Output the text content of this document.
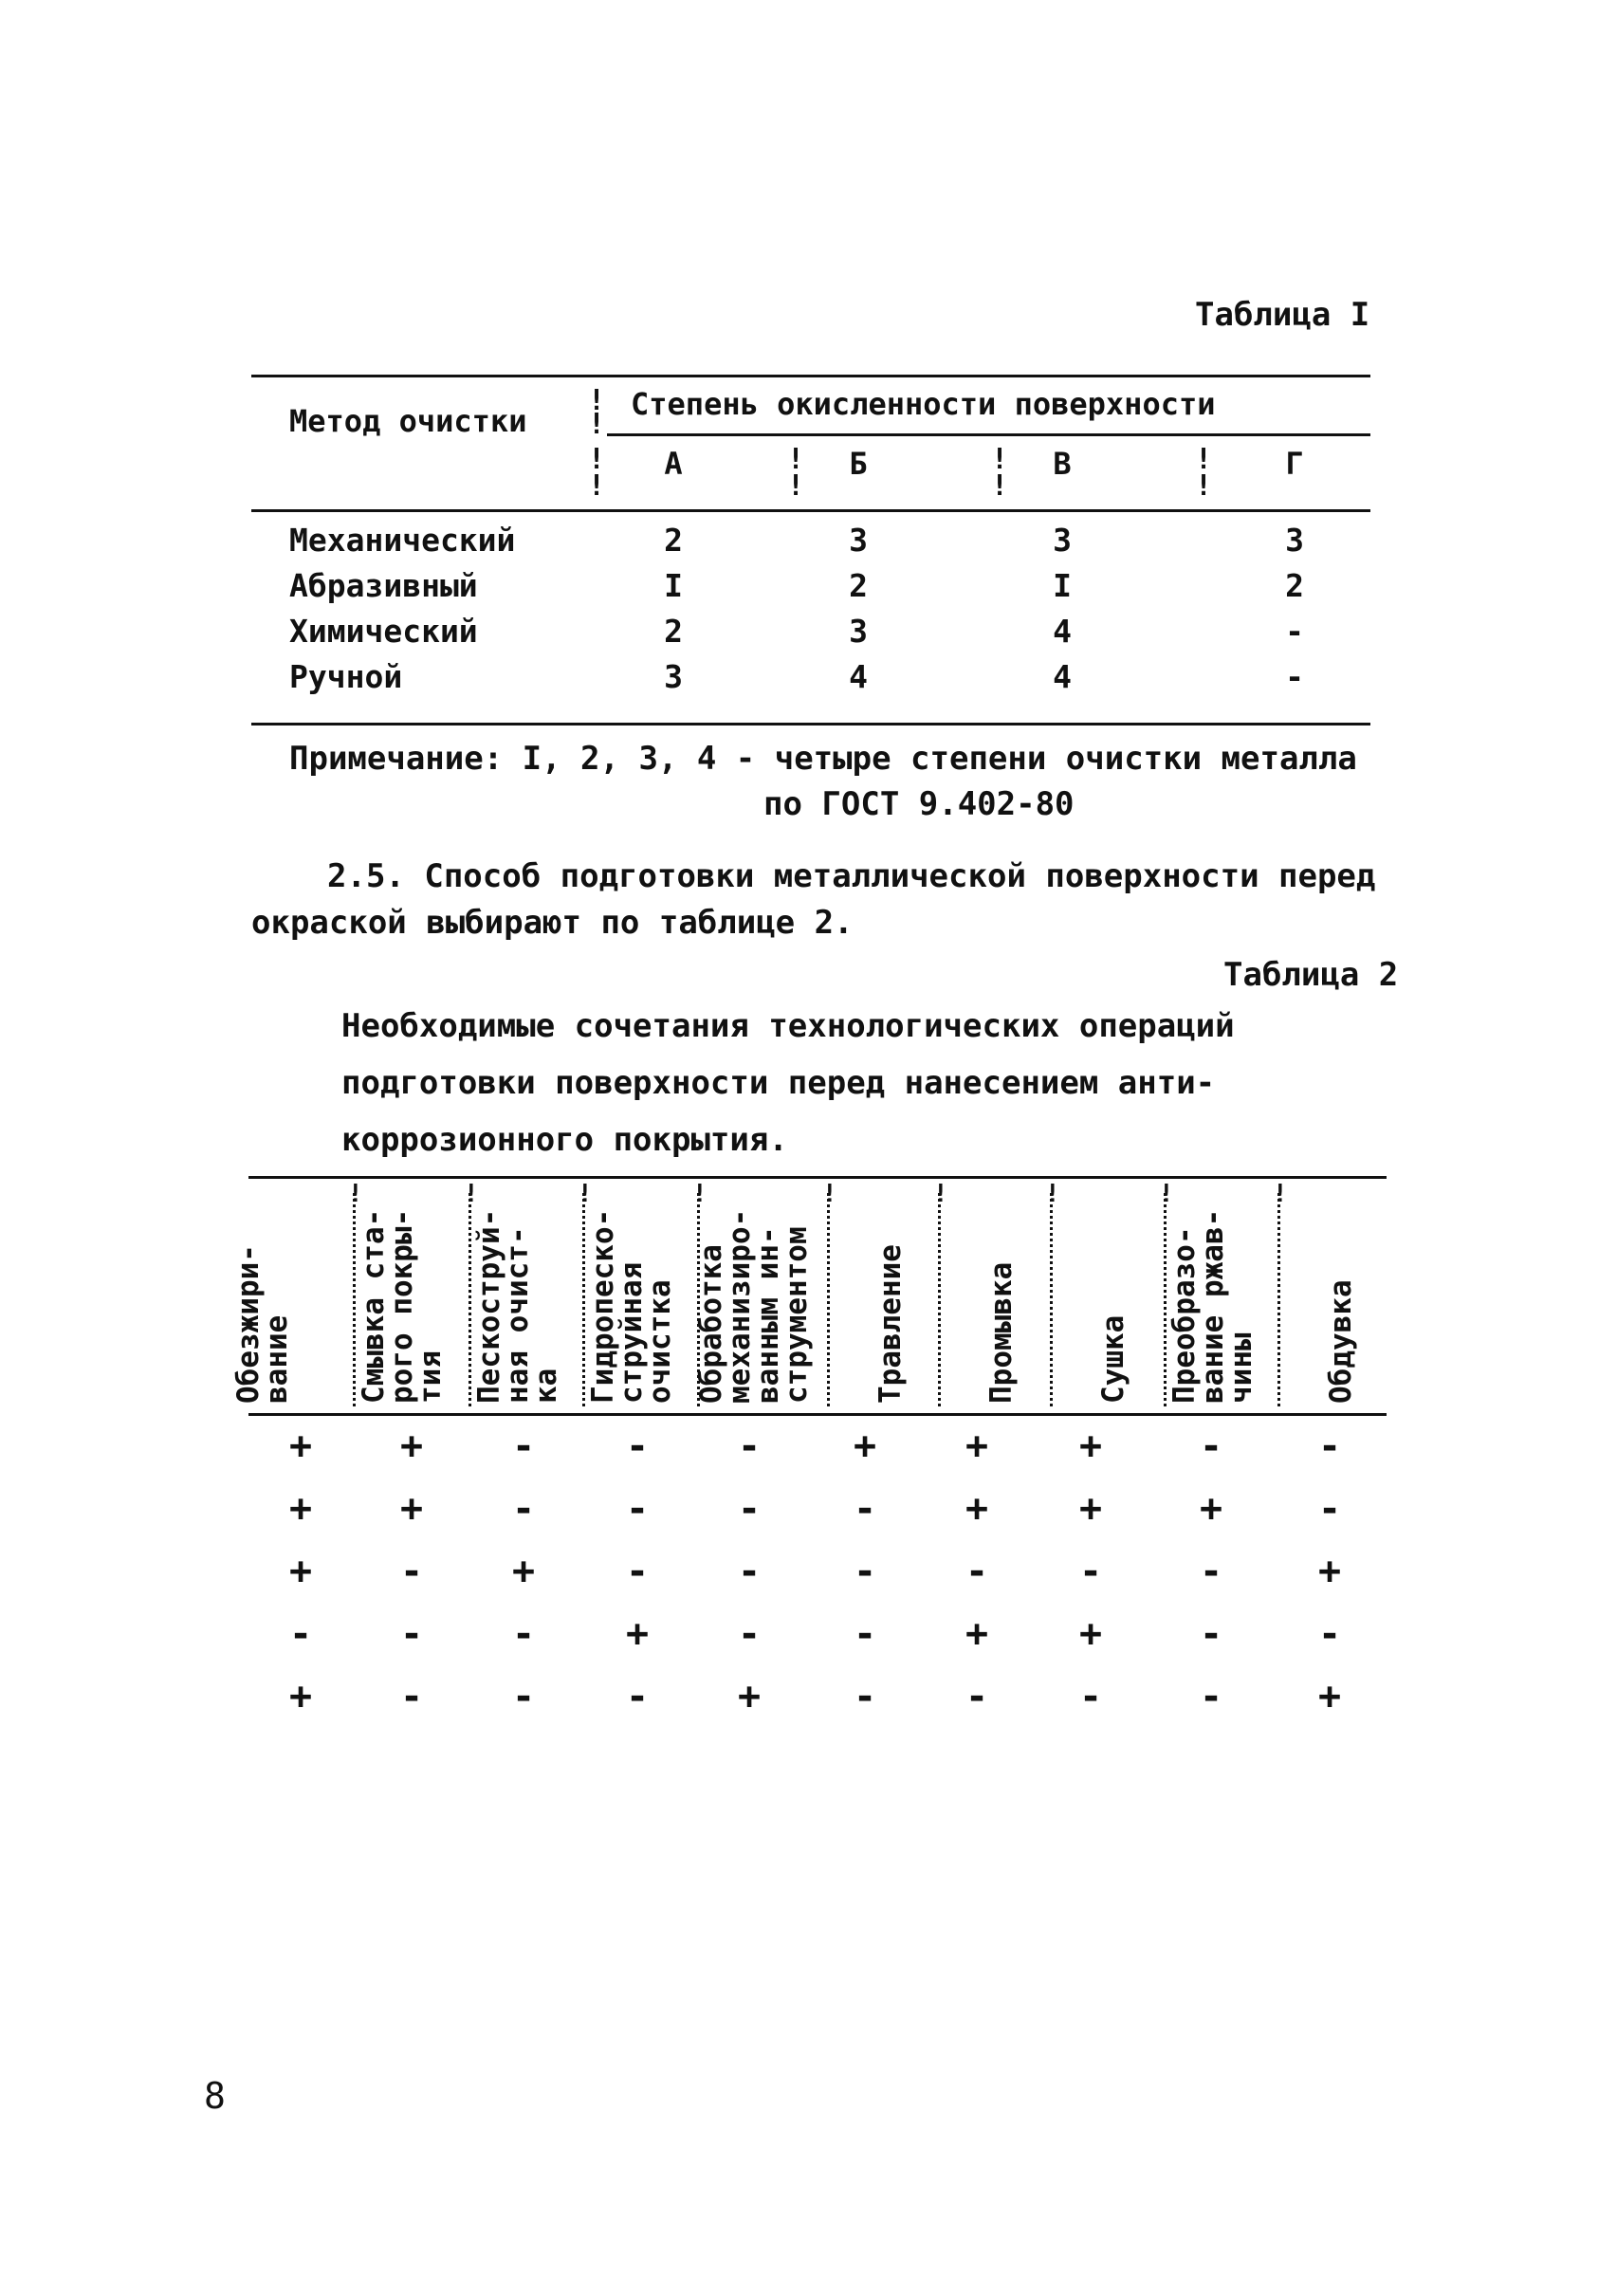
Таблица I
Метод очистки
!
!
Степень окисленности поверхности
!
!
А	!
!
Б	!
!
В	!
!
Г
Механический	2	3	3	3
Абразивный	I	2	I	2
Химический	2	3	4	-
Ручной	3	4	4	-
Примечание: I, 2, 3, 4 - четыре степени очистки металла
по ГОСТ 9.402-80
2.5. Способ подготовки металлической поверхности перед
окраской выбирают по таблице 2.
Таблица 2
Необходимые сочетания технологических операций
подготовки поверхности перед нанесением анти-
коррозионного покрытия.
Обезжири-
вание ! Смывка ста-
рого покры-
тия ! Пескоструй-
ная очист-
ка ! Гидропеско-
струйная
очистка ! Обработка
механизиро-
ванным ин-
струментом ! Травление !	Промывка !	Сушка ! Преобразо-
вание ржав-
чины ! Обдувка
+	+	-	-	-	+	+	+	-	-
+	+	-	-	-	-	+	+	+	-
+	-	+	-	-	-	-	-	-	+
-	-	-	+	-	-	+	+	-	-
+	-	-	-	+	-	-	-	-	+
8
